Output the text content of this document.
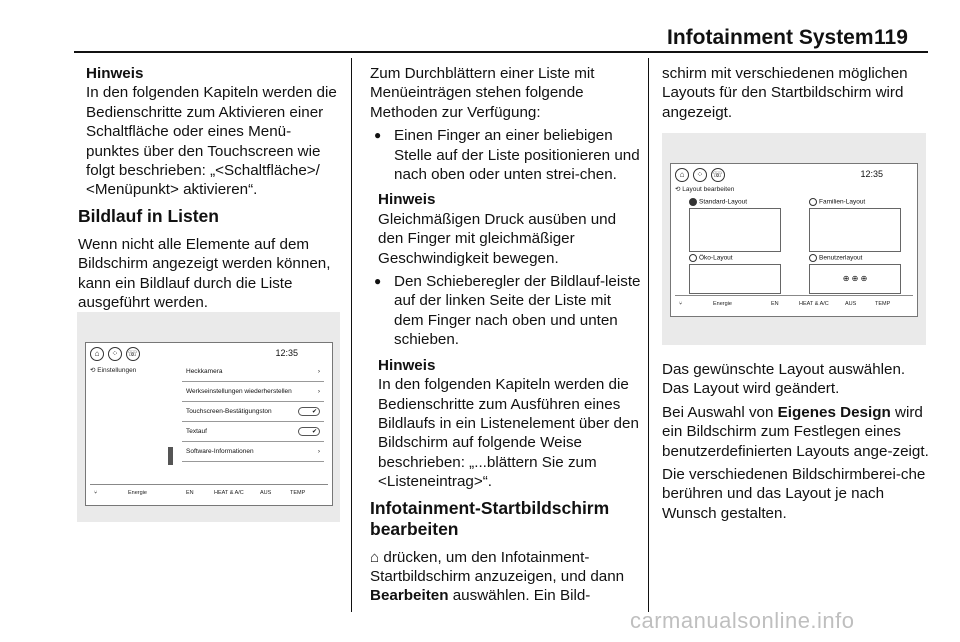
Infotainment System 119

Hinweis

In den folgenden Kapiteln werden die Bedienschritte zum Aktivieren einer Schaltfläche oder eines Menü-punktes über den Touchscreen wie folgt beschrieben: „<Schaltfläche>/ <Menüpunkt> aktivieren“.

Bildlauf in Listen

Wenn nicht alle Elemente auf dem Bildschirm angezeigt werden können, kann ein Bildlauf durch die Liste ausgeführt werden.

⌂ ⁘ ☏	12:35
⟲ Einstellungen	Heckkamera	›
Werkseinstellungen wiederherstellen	›
Touchscreen-Bestätigungston	✔
Textauf	✔
Software-Informationen	›
⑂	Energie	EN	HEAT & A/C	AUS	TEMP

Zum Durchblättern einer Liste mit Menüeinträgen stehen folgende Methoden zur Verfügung:

● Einen Finger an einer beliebigen Stelle auf der Liste positionieren und nach oben oder unten strei-chen.

Hinweis

Gleichmäßigen Druck ausüben und den Finger mit gleichmäßiger Geschwindigkeit bewegen.

● Den Schieberegler der Bildlauf-leiste auf der linken Seite der Liste mit dem Finger nach oben und unten schieben.

Hinweis

In den folgenden Kapiteln werden die Bedienschritte zum Ausführen eines Bildlaufs in ein Listenelement über den Bildschirm auf folgende Weise beschrieben: „...blättern Sie zum <Listeneintrag>“.

Infotainment-Startbildschirm bearbeiten

⌂ drücken, um den Infotainment-Startbildschirm anzuzeigen, und dann Bearbeiten auswählen. Ein Bild-

schirm mit verschiedenen möglichen Layouts für den Startbildschirm wird angezeigt.

⌂ ⁘ ☏	12:35
⟲ Layout bearbeiten
Standard-Layout	Familien-Layout
Öko-Layout	Benutzerlayout
⊕ ⊕ ⊕
⑂	Energie	EN	HEAT & A/C	AUS	TEMP

Das gewünschte Layout auswählen. Das Layout wird geändert.

Bei Auswahl von Eigenes Design wird ein Bildschirm zum Festlegen eines benutzerdefinierten Layouts ange-zeigt.

Die verschiedenen Bildschirmberei-che berühren und das Layout je nach Wunsch gestalten.

carmanualsonline.info
